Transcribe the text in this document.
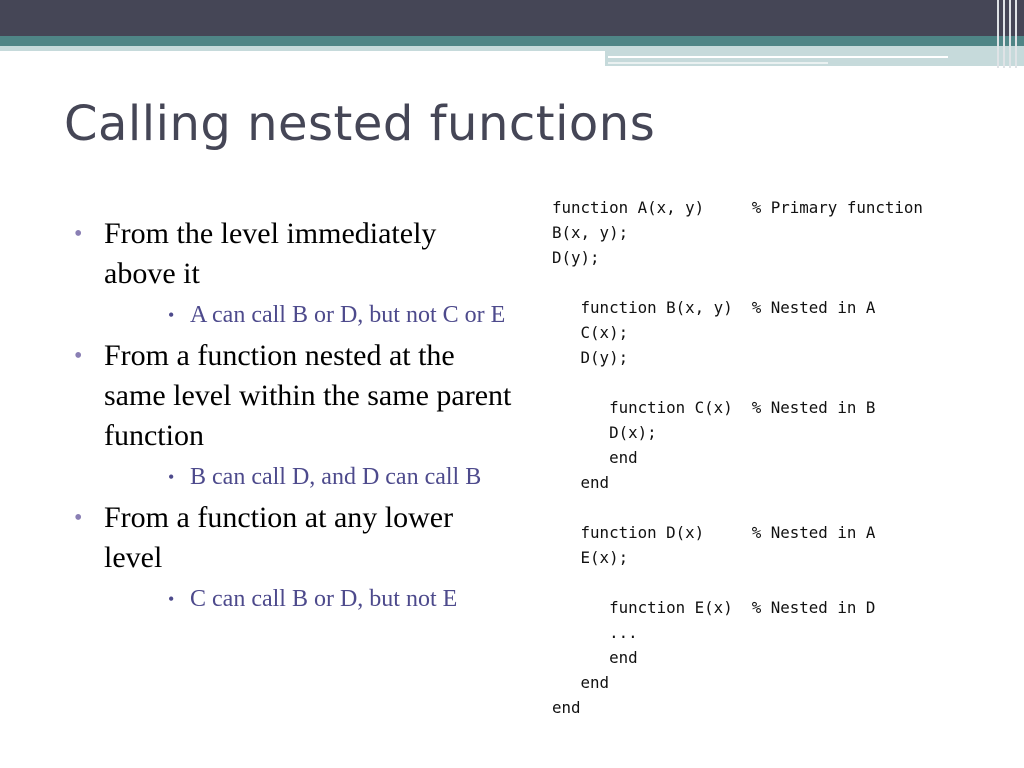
Calling nested functions
• From the level immediately above it
• A can call B or D, but not C or E
• From a function nested at the same level within the same parent function
• B can call D, and D can call B
• From a function at any lower level
• C can call B or D, but not E
function A(x, y)     % Primary function
B(x, y);
D(y);

function B(x, y)  % Nested in A
C(x);
D(y);

function C(x)  % Nested in B
D(x);
end
end

function D(x)     % Nested in A
E(x);

function E(x)  % Nested in D
...
end
end
end
